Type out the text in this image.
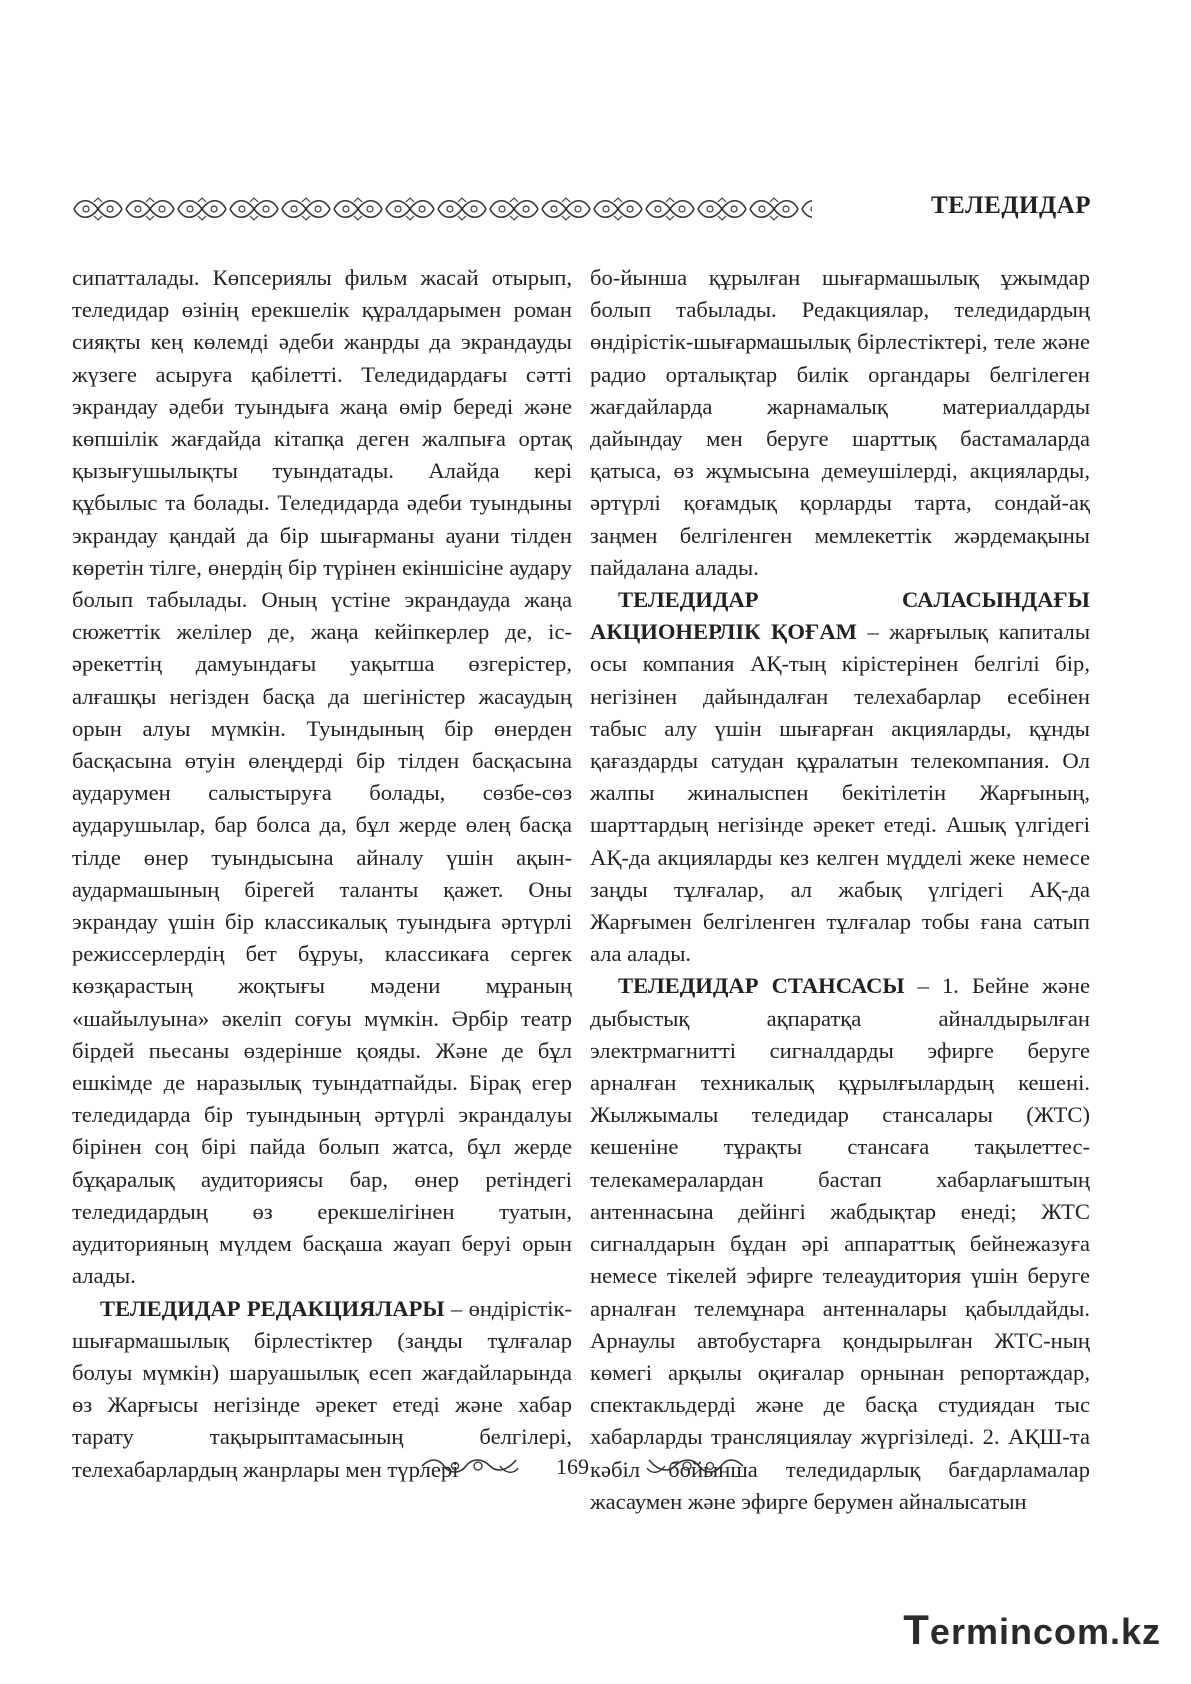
ТЕЛЕДИДАР

сипатталады. Көпсериялы фильм жасай отырып, теледидар өзінің ерекшелік құралдарымен роман сияқты кең көлемді әдеби жанрды да экрандауды жүзеге асыруға қабілетті. Теледидардағы сәтті экрандау әдеби туындыға жаңа өмір береді және көпшілік жағдайда кітапқа деген жалпыға ортақ қызығушылықты туындатады. Алайда кері құбылыс та болады. Теледидарда әдеби туындыны экрандау қандай да бір шығарманы ауани тілден көретін тілге, өнердің бір түрінен екіншісіне аудару болып табылады. Оның үстіне экрандауда жаңа сюжеттік желілер де, жаңа кейіпкерлер де, іс-әрекеттің дамуындағы уақытша өзгерістер, алғашқы негізден басқа да шегіністер жасаудың орын алуы мүмкін. Туындының бір өнерден басқасына өтуін өлеңдерді бір тілден басқасына аударумен салыстыруға болады, сөзбе-сөз аударушылар, бар болса да, бұл жерде өлең басқа тілде өнер туындысына айналу үшін ақын-аудармашының бірегей таланты қажет. Оны экрандау үшін бір классикалық туындыға әртүрлі режиссерлердің бет бұруы, классикаға сергек көзқарастың жоқтығы мәдени мұраның «шайылуына» әкеліп соғуы мүмкін. Әрбір театр бірдей пьесаны өздерінше қояды. Және де бұл ешкімде де наразылық туындатпайды. Бірақ егер теледидарда бір туындының әртүрлі экрандалуы бірінен соң бірі пайда болып жатса, бұл жерде бұқаралық аудиториясы бар, өнер ретіндегі теледидардың өз ерекшелігінен туатын, аудиторияның мүлдем басқаша жауап беруі орын алады.

ТЕЛЕДИДАР РЕДАКЦИЯЛАРЫ – өндірістік-шығармашылық бірлестіктер (заңды тұлғалар болуы мүмкін) шаруашылық есеп жағдайларында өз Жарғысы негізінде әрекет етеді және хабар тарату тақырыптамасының белгілері, телехабарлардың жанрлары мен түрлері

бо-йынша құрылған шығармашылық ұжымдар болып табылады. Редакциялар, теледидардың өндірістік-шығармашылық бірлестіктері, теле және радио орталықтар билік органдары белгілеген жағдайларда жарнамалық материалдарды дайындау мен беруге шарттық бастамаларда қатыса, өз жұмысына демеушілерді, акцияларды, әртүрлі қоғамдық қорларды тарта, сондай-ақ заңмен белгіленген мемлекеттік жәрдемақыны пайдалана алады.

ТЕЛЕДИДАР САЛАСЫНДАҒЫ АКЦИОНЕРЛІК ҚОҒАМ – жарғылық капиталы осы компания АҚ-тың кірістерінен белгілі бір, негізінен дайындалған телехабарлар есебінен табыс алу үшін шығарған акцияларды, құнды қағаздарды сатудан құралатын телекомпания. Ол жалпы жиналыспен бекітілетін Жарғының, шарттардың негізінде әрекет етеді. Ашық үлгідегі АҚ-да акцияларды кез келген мүдделі жеке немесе заңды тұлғалар, ал жабық үлгідегі АҚ-да Жарғымен белгіленген тұлғалар тобы ғана сатып ала алады.

ТЕЛЕДИДАР СТАНСАСЫ – 1. Бейне және дыбыстық ақпаратқа айналдырылған электрмагнитті сигналдарды эфирге беруге арналған техникалық құрылғылардың кешені. Жылжымалы теледидар стансалары (ЖТС) кешеніне тұрақты стансаға тақылеттес-телекамералардан бастап хабарлағыштың антеннасына дейінгі жабдықтар енеді; ЖТС сигналдарын бұдан әрі аппараттық бейнежазуға немесе тікелей эфирге телеаудитория үшін беруге арналған телемұнара антенналары қабылдайды. Арнаулы автобустарға қондырылған ЖТС-ның көмегі арқылы оқиғалар орнынан репортаждар, спектакльдерді және де басқа студиядан тыс хабарларды трансляциялау жүргізіледі. 2. АҚШ-та кәбіл бойынша теледидарлық бағдарламалар жасаумен және эфирге берумен айналысатын

169
Termincom.kz
